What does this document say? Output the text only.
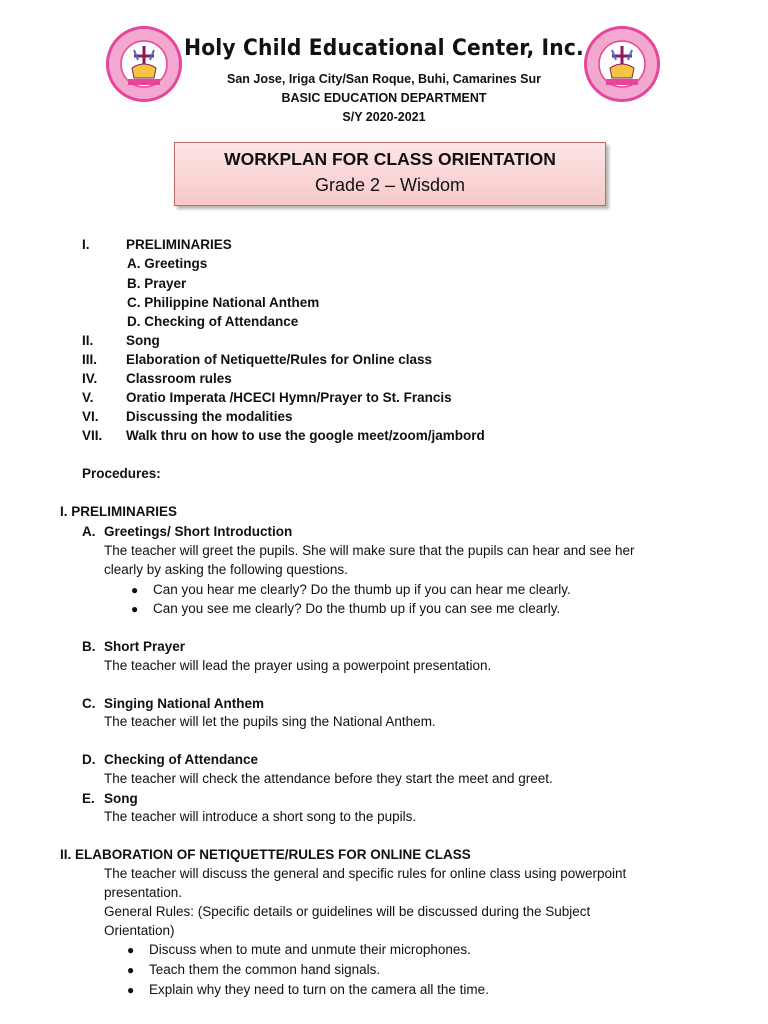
Holy Child Educational Center, Inc.
San Jose, Iriga City/San Roque, Buhi, Camarines Sur
BASIC EDUCATION DEPARTMENT
S/Y 2020-2021
WORKPLAN FOR CLASS ORIENTATION
Grade 2 – Wisdom
I.	PRELIMINARIES
A. Greetings
B. Prayer
C. Philippine National Anthem
D. Checking of Attendance
II. Song
III. Elaboration of Netiquette/Rules for Online class
IV. Classroom rules
V. Oratio Imperata /HCECI Hymn/Prayer to St. Francis
VI. Discussing the modalities
VII. Walk thru on how to use the google meet/zoom/jambord
Procedures:
I. PRELIMINARIES
A. Greetings/ Short Introduction
The teacher will greet the pupils. She will make sure that the pupils can hear and see her
clearly by asking the following questions.
● Can you hear me clearly? Do the thumb up if you can hear me clearly.
● Can you see me clearly? Do the thumb up if you can see me clearly.
B. Short Prayer
The teacher will lead the prayer using a powerpoint presentation.
C. Singing National Anthem
The teacher will let the pupils sing the National Anthem.
D. Checking of Attendance
The teacher will check the attendance before they start the meet and greet.
E. Song
The teacher will introduce a short song to the pupils.
II. ELABORATION OF NETIQUETTE/RULES FOR ONLINE CLASS
The teacher will discuss the general and specific rules for online class using powerpoint
presentation.
General Rules: (Specific details or guidelines will be discussed during the Subject
Orientation)
● Discuss when to mute and unmute their microphones.
● Teach them the common hand signals.
● Explain why they need to turn on the camera all the time.
